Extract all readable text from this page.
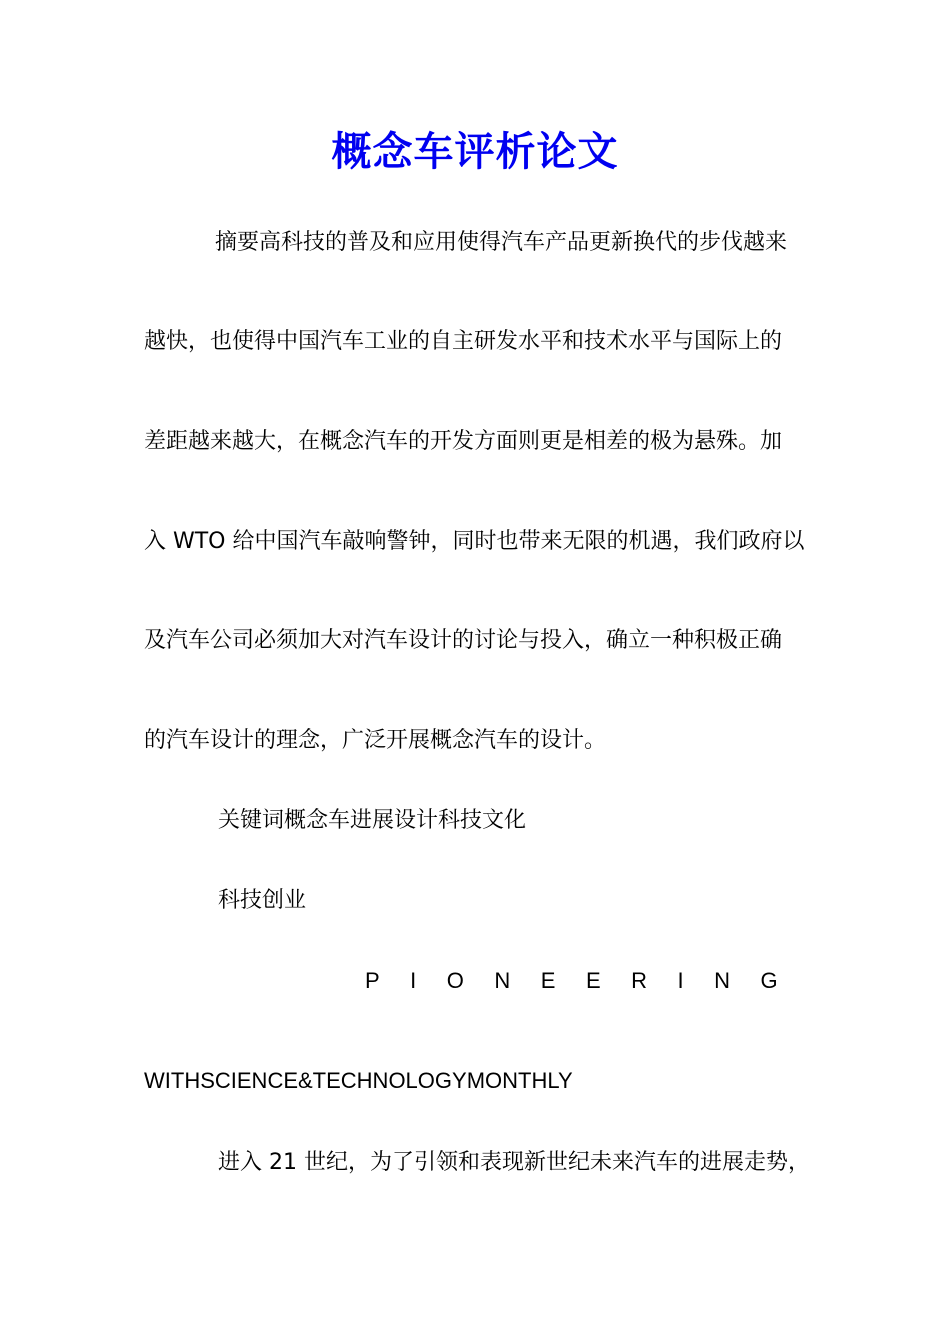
概念车评析论文

摘要高科技的普及和应用使得汽车产品更新换代的步伐越来

越快，也使得中国汽车工业的自主研发水平和技术水平与国际上的

差距越来越大，在概念汽车的开发方面则更是相差的极为悬殊。加

入 WTO 给中国汽车敲响警钟，同时也带来无限的机遇，我们政府以

及汽车公司必须加大对汽车设计的讨论与投入，确立一种积极正确

的汽车设计的理念，广泛开展概念汽车的设计。

关键词概念车进展设计科技文化

科技创业

PIONEERING

WITHSCIENCE&TECHNOLOGYMONTHLY

进入 21 世纪，为了引领和表现新世纪未来汽车的进展走势，
